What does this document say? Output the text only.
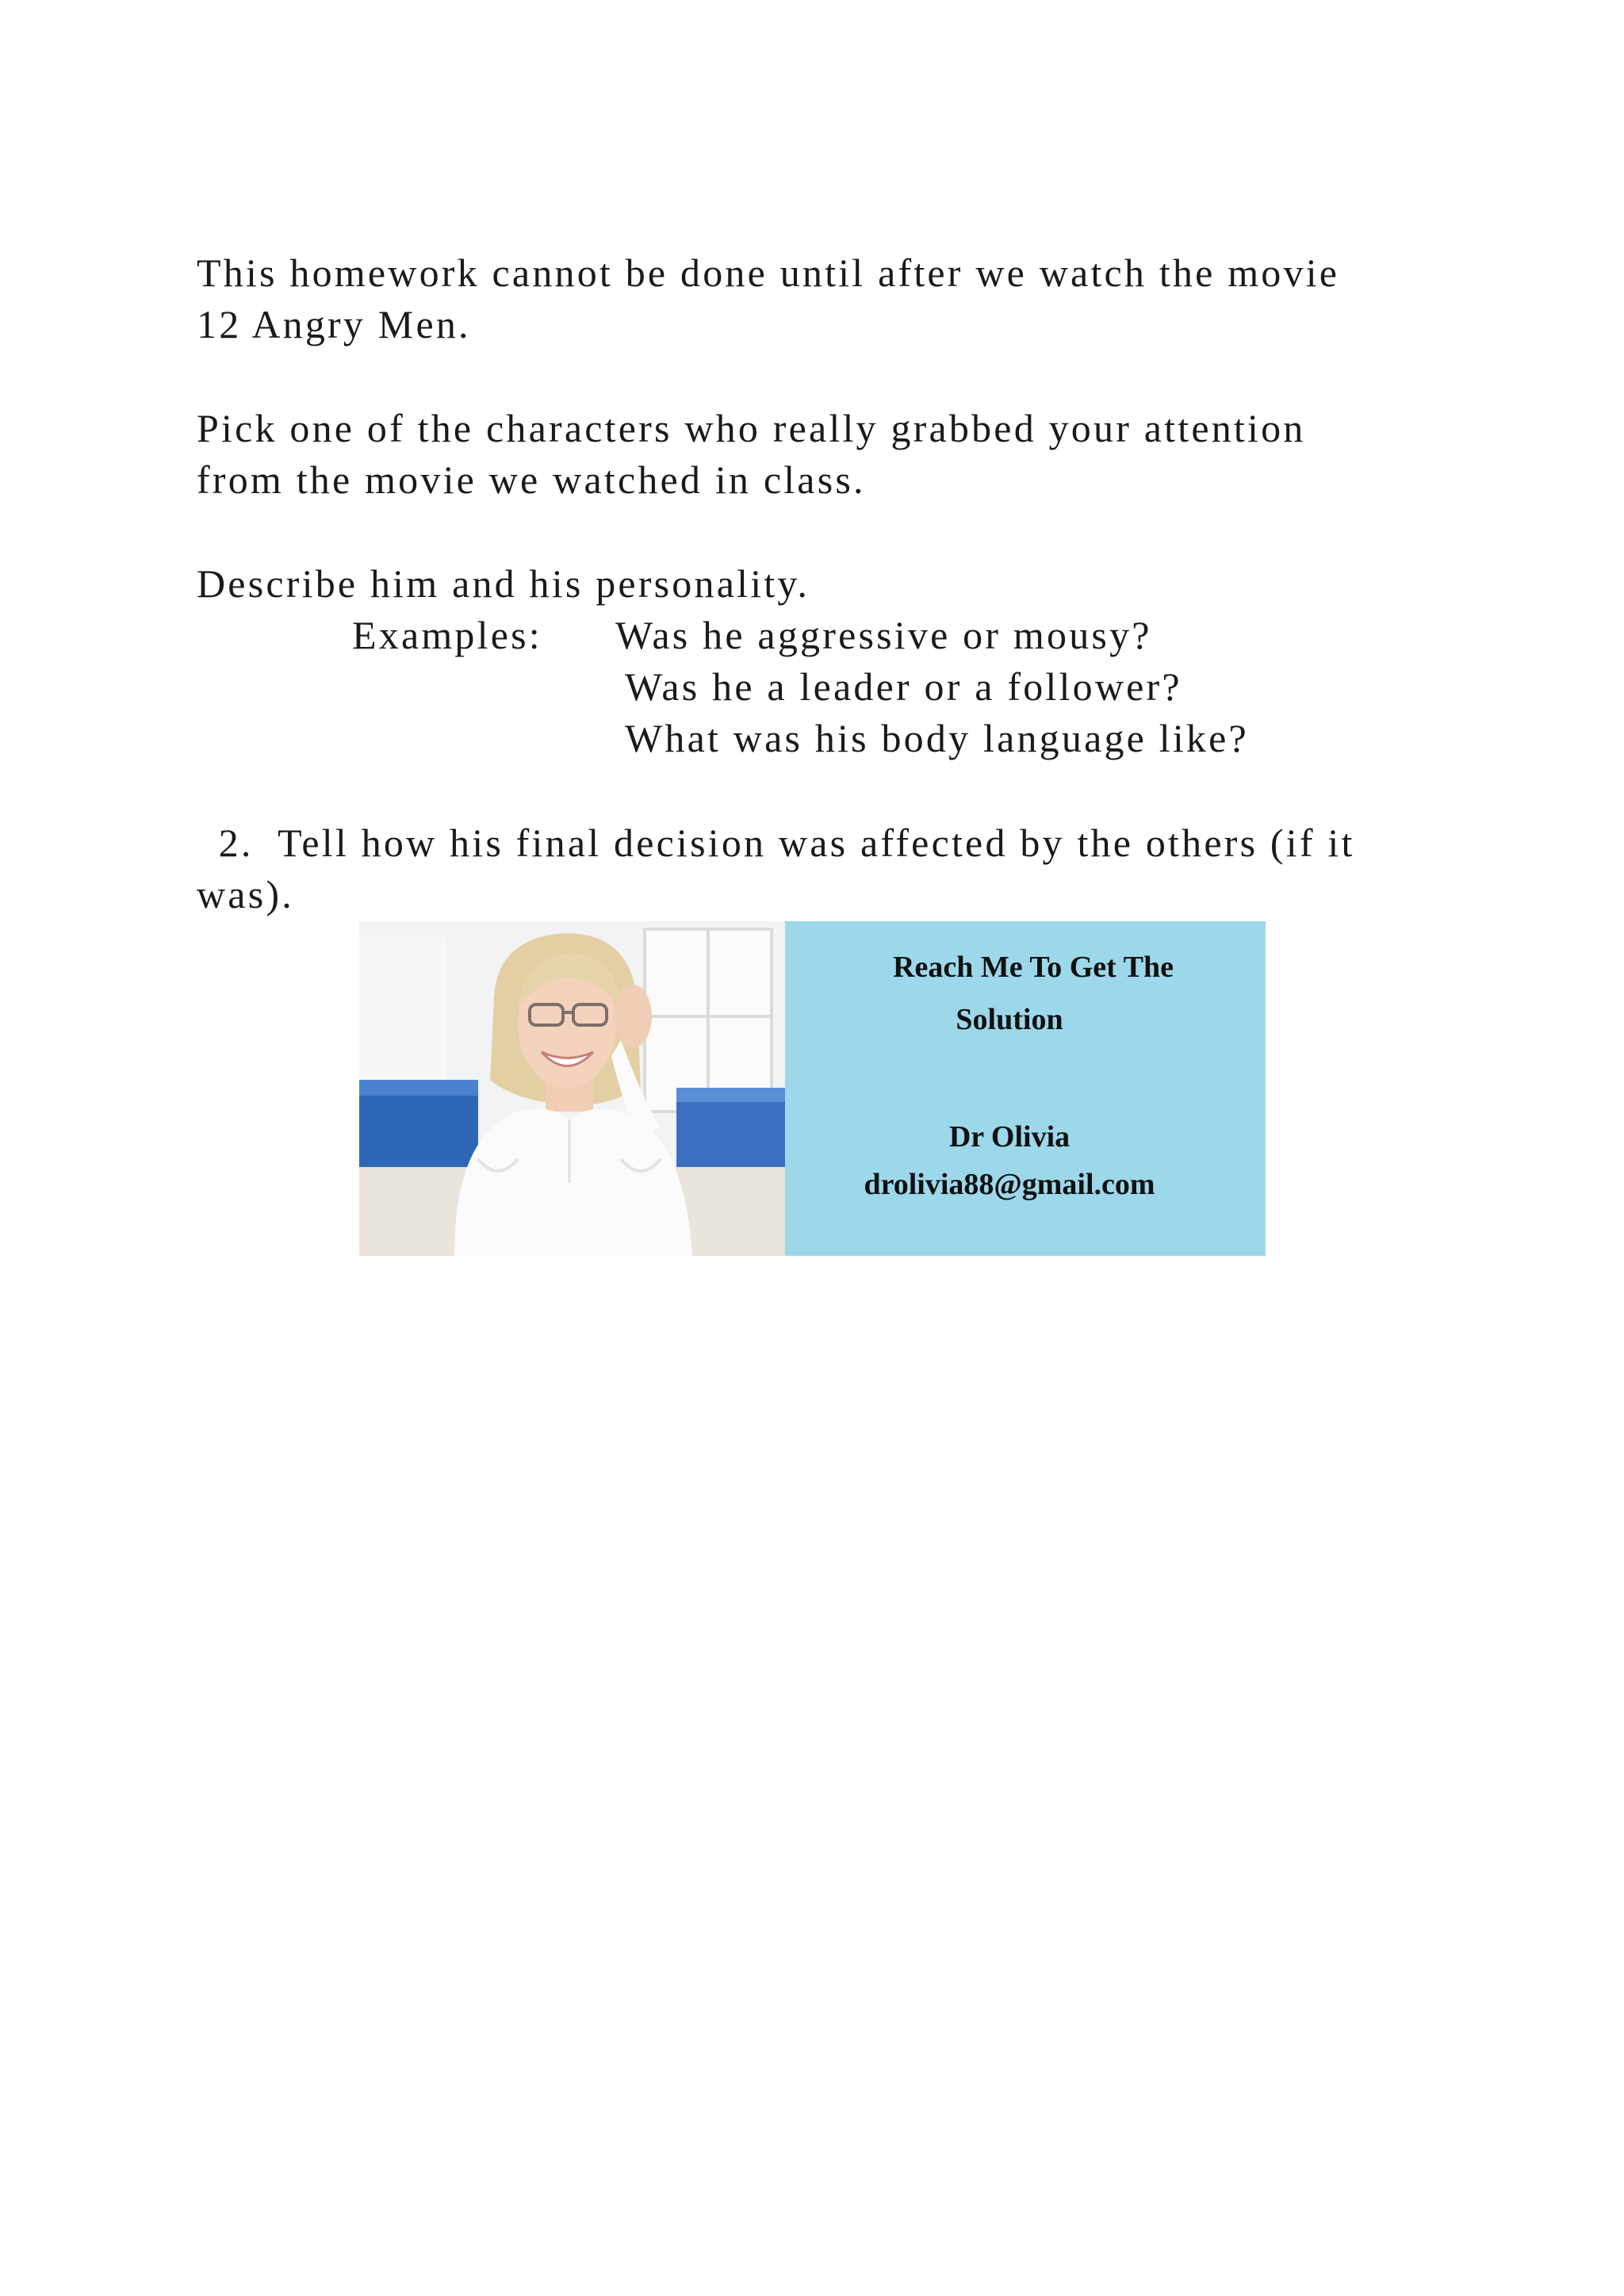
This homework cannot be done until after we watch the movie
12 Angry Men.
Pick one of the characters who really grabbed your attention
from the movie we watched in class.
Describe him and his personality.
Examples: Was he aggressive or mousy?
Was he a leader or a follower?
What was his body language like?
2.  Tell how his final decision was affected by the others (if it
was).
Reach Me To Get The
Solution
Dr Olivia
drolivia88@gmail.com
